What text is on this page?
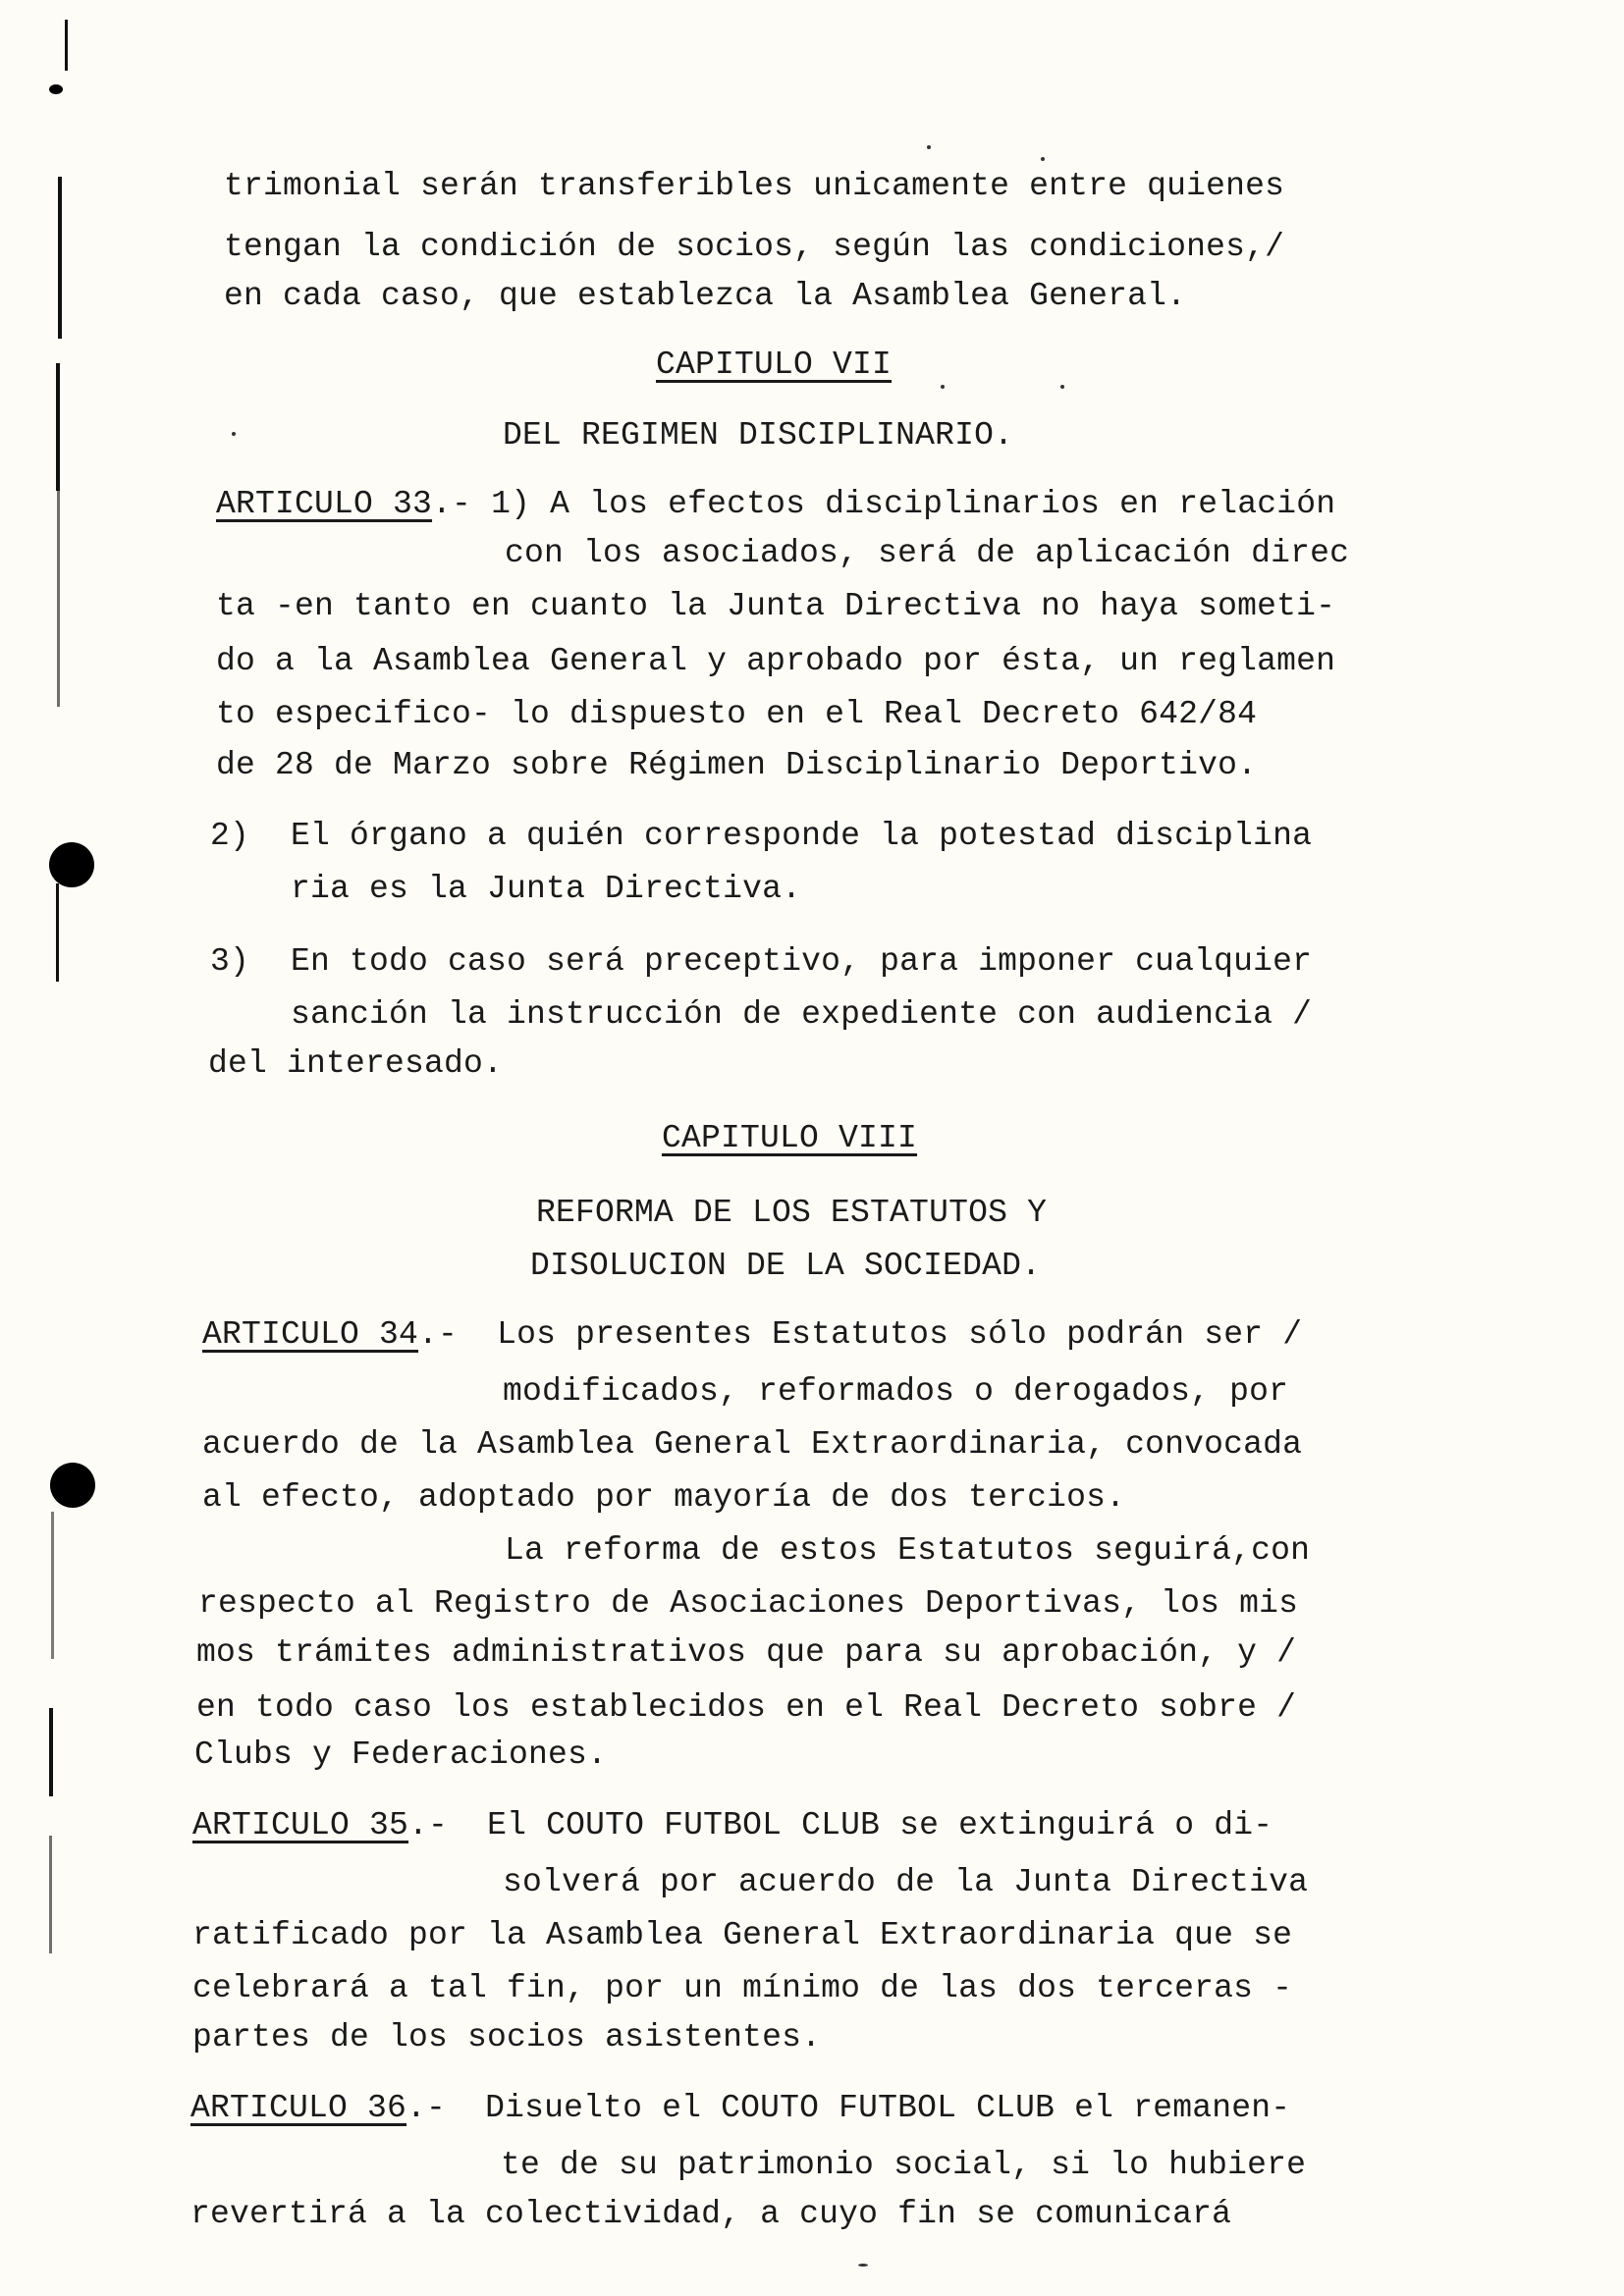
trimonial serán transferibles unicamente entre quienes
tengan la condición de socios, según las condiciones,/
en cada caso, que establezca la Asamblea General.
CAPITULO VII
DEL REGIMEN DISCIPLINARIO.
ARTICULO 33.- 1) A los efectos disciplinarios en relación
con los asociados, será de aplicación direc
ta -en tanto en cuanto la Junta Directiva no haya someti-
do a la Asamblea General y aprobado por ésta, un reglamen
to especifico- lo dispuesto en el Real Decreto 642/84
de 28 de Marzo sobre Régimen Disciplinario Deportivo.
2) El órgano a quién corresponde la potestad disciplina
ria es la Junta Directiva.
3) En todo caso será preceptivo, para imponer cualquier
sanción la instrucción de expediente con audiencia /
del interesado.
CAPITULO VIII
REFORMA DE LOS ESTATUTOS Y
DISOLUCION DE LA SOCIEDAD.
ARTICULO 34.- Los presentes Estatutos sólo podrán ser /
modificados, reformados o derogados, por
acuerdo de la Asamblea General Extraordinaria, convocada
al efecto, adoptado por mayoría de dos tercios.
La reforma de estos Estatutos seguirá,con
respecto al Registro de Asociaciones Deportivas, los mis
mos trámites administrativos que para su aprobación, y /
en todo caso los establecidos en el Real Decreto sobre /
Clubs y Federaciones.
ARTICULO 35.- El COUTO FUTBOL CLUB se extinguirá o di-
solverá por acuerdo de la Junta Directiva
ratificado por la Asamblea General Extraordinaria que se
celebrará a tal fin, por un mínimo de las dos terceras -
partes de los socios asistentes.
ARTICULO 36.- Disuelto el COUTO FUTBOL CLUB el remanen-
te de su patrimonio social, si lo hubiere
revertirá a la colectividad, a cuyo fin se comunicará
